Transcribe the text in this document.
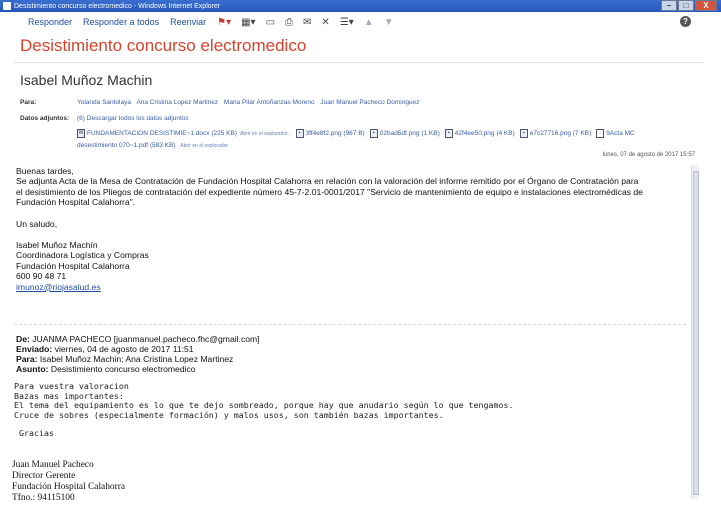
Desistimiento concurso electromedico - Windows Internet Explorer	–	□	X
Responder Responder a todos Reenviar ⚑▾ ▦▾ ▭ ⎙ ✉ ✕ ☰▾ ▲ ▼	?
Desistimiento concurso electromedico
Isabel Muñoz Machin
Para:	Yolanda Santolaya Ana Cristina Lopez Martinez Maria Pilar Antoñanzas Moreno Juan Manuel Pacheco Dominguez
Datos adjuntos: (6) Descargar todos los datos adjuntos
W FUNDAMENTACION DESISTIMIE~1.docx
(225 KB) Abrir en el explorador ;	▪ 3ff4e8f2.png
(967 B)	▪ 02bad5df.png
(1 KB)	▪ 42f4ee50.png
(4 KB)	▪ e7c27716.png
(7 KB) 9Acta MC
desestimiento 070~1.pdf (583 KB) Abrir en el explorador
lunes, 07 de agosto de 2017 15:57

Buenas tardes,

Se adjunta Acta de la Mesa de Contratación de Fundación Hospital Calahorra en relación con la valoración del informe remitido por el Órgano de Contratación para

el desistimiento de los Pliegos de contratación del expediente número 45-7-2.01-0001/2017 "Servicio de mantenimiento de equipo e instalaciones electromédicas de

Fundación Hospital Calahorra".

Un saludo,

Isabel Muñoz Machín

Coordinadora Logística y Compras

Fundación Hospital Calahorra

600 90 48 71

imunoz@riojasalud.es

De: JUANMA PACHECO [juanmanuel.pacheco.fhc@gmail.com]
Enviado: viernes, 04 de agosto de 2017 11:51
Para: Isabel Muñoz Machin; Ana Cristina Lopez Martinez
Asunto: Desistimiento concurso electromedico
Para vuestra valoracion
Bazas mas importantes:
El tema del equipamiento es lo que te dejo sombreado, porque hay que anudario según lo que tengamos.
Cruce de sobres (especialmente formación) y malos usos, son también bazas importantes.
Gracias
Juan Manuel Pacheco
Director Gerente
Fundación Hospital Calahorra
Tfno.: 94115100
